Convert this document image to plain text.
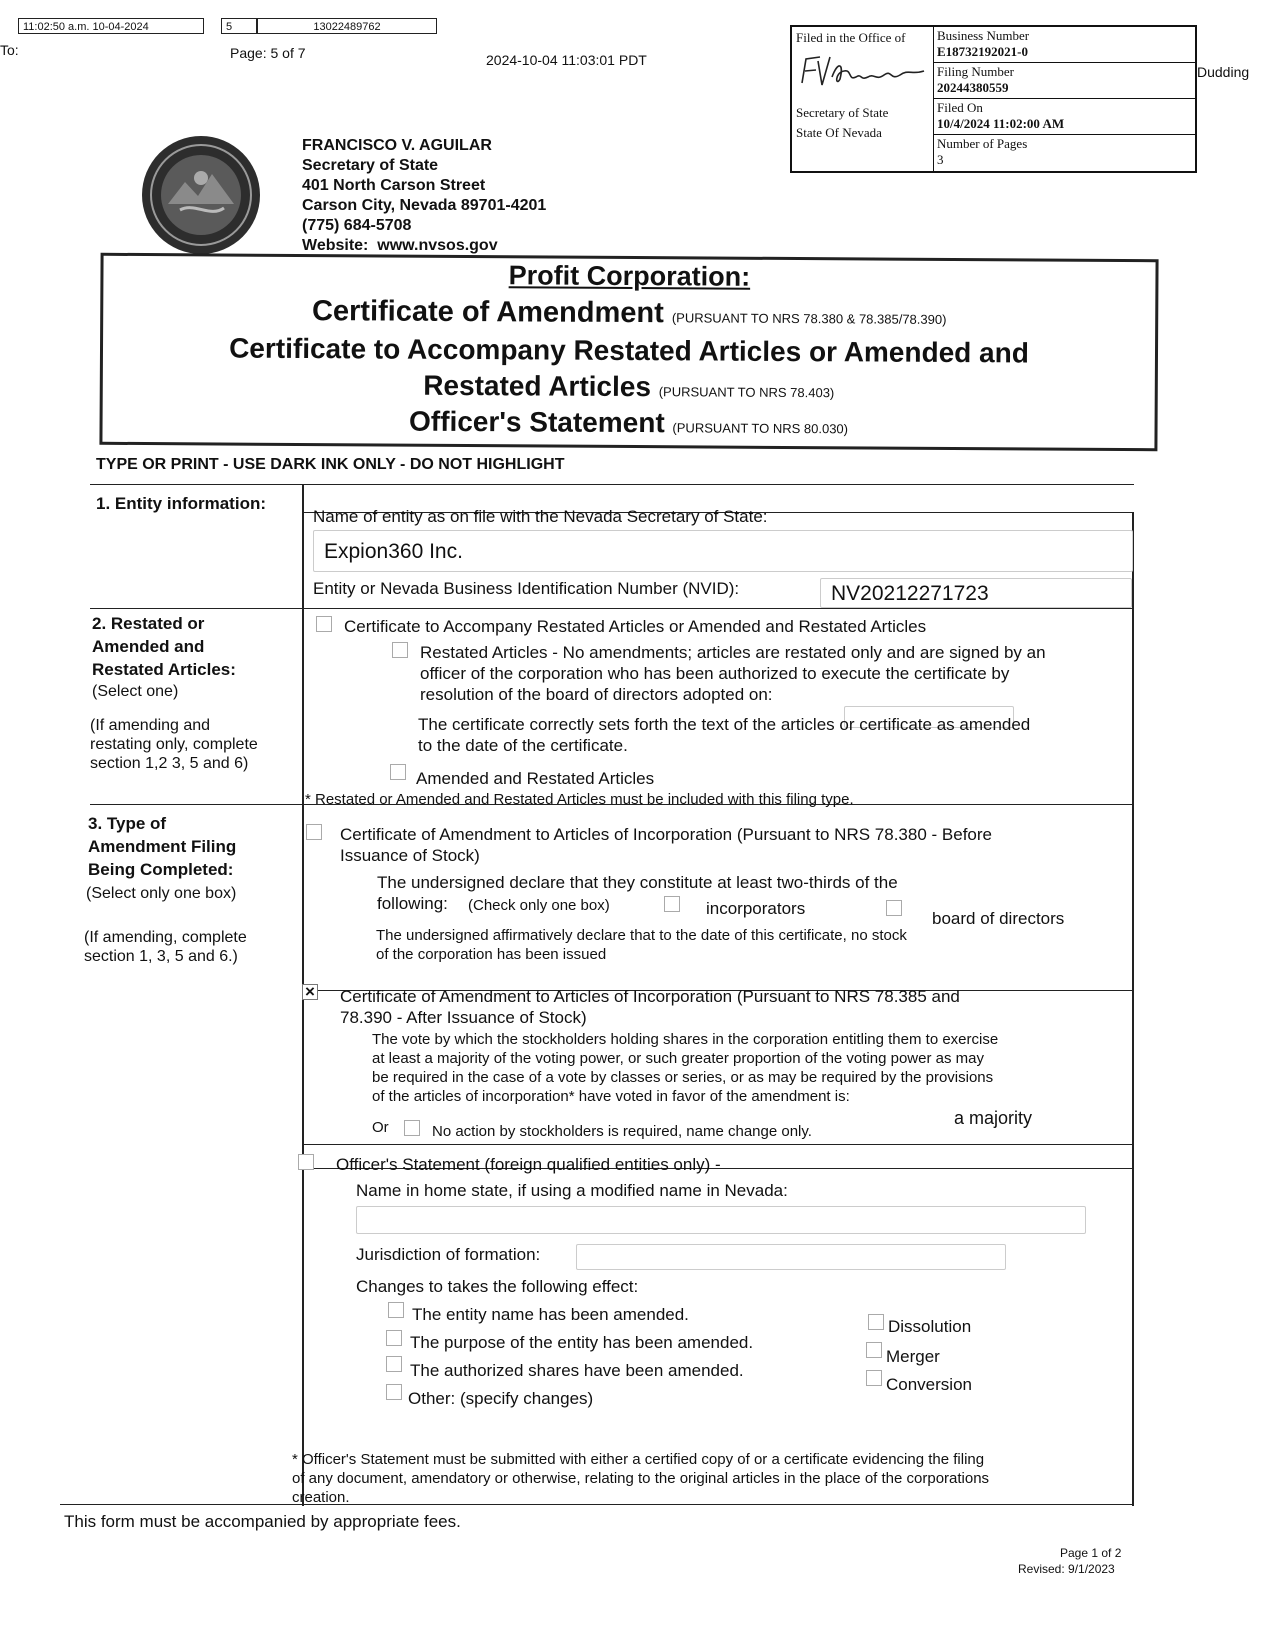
11:02:50 a.m. 10-04-2024	5	13022489762
To:	Page: 5 of 7	2024-10-04 11:03:01 PDT
Dudding
Filed in the Office of
Secretary of State
State Of Nevada
Business Number
E18732192021-0
Filing Number
20244380559
Filed On
10/4/2024 11:02:00 AM
Number of Pages
3
FRANCISCO V. AGUILAR
Secretary of State
401 North Carson Street
Carson City, Nevada 89701-4201
(775) 684-5708
Website: www.nvsos.gov
Profit Corporation:
Certificate of Amendment (PURSUANT TO NRS 78.380 & 78.385/78.390)
Certificate to Accompany Restated Articles or Amended and
Restated Articles (PURSUANT TO NRS 78.403)
Officer's Statement (PURSUANT TO NRS 80.030)
TYPE OR PRINT - USE DARK INK ONLY - DO NOT HIGHLIGHT
1. Entity information:
Name of entity as on file with the Nevada Secretary of State:
Expion360 Inc.
Entity or Nevada Business Identification Number (NVID):	NV20212271723
2. Restated or
Amended and
Restated Articles:
(Select one)
(If amending and
restating only, complete
section 1,2 3, 5 and 6)
Certificate to Accompany Restated Articles or Amended and Restated Articles
Restated Articles - No amendments; articles are restated only and are signed by an
officer of the corporation who has been authorized to execute the certificate by
resolution of the board of directors adopted on:
The certificate correctly sets forth the text of the articles or certificate as amended
to the date of the certificate.
Amended and Restated Articles
* Restated or Amended and Restated Articles must be included with this filing type.
3. Type of
Amendment Filing
Being Completed:
(Select only one box)
(If amending, complete
section 1, 3, 5 and 6.)
Certificate of Amendment to Articles of Incorporation (Pursuant to NRS 78.380 - Before
Issuance of Stock)
The undersigned declare that they constitute at least two-thirds of the
following:	(Check only one box)	incorporators
board of directors
The undersigned affirmatively declare that to the date of this certificate, no stock
of the corporation has been issued
× Certificate of Amendment to Articles of Incorporation (Pursuant to NRS 78.385 and
78.390 - After Issuance of Stock)
The vote by which the stockholders holding shares in the corporation entitling them to exercise
at least a majority of the voting power, or such greater proportion of the voting power as may
be required in the case of a vote by classes or series, or as may be required by the provisions
of the articles of incorporation* have voted in favor of the amendment is:
a majority
Or	No action by stockholders is required, name change only.
Officer's Statement (foreign qualified entities only) -
Name in home state, if using a modified name in Nevada:
Jurisdiction of formation:
Changes to takes the following effect:
The entity name has been amended.
The purpose of the entity has been amended.
The authorized shares have been amended.
Other: (specify changes)
Dissolution
Merger
Conversion
* Officer's Statement must be submitted with either a certified copy of or a certificate evidencing the filing
of any document, amendatory or otherwise, relating to the original articles in the place of the corporations
creation.
This form must be accompanied by appropriate fees.
Page 1 of 2
Revised: 9/1/2023
